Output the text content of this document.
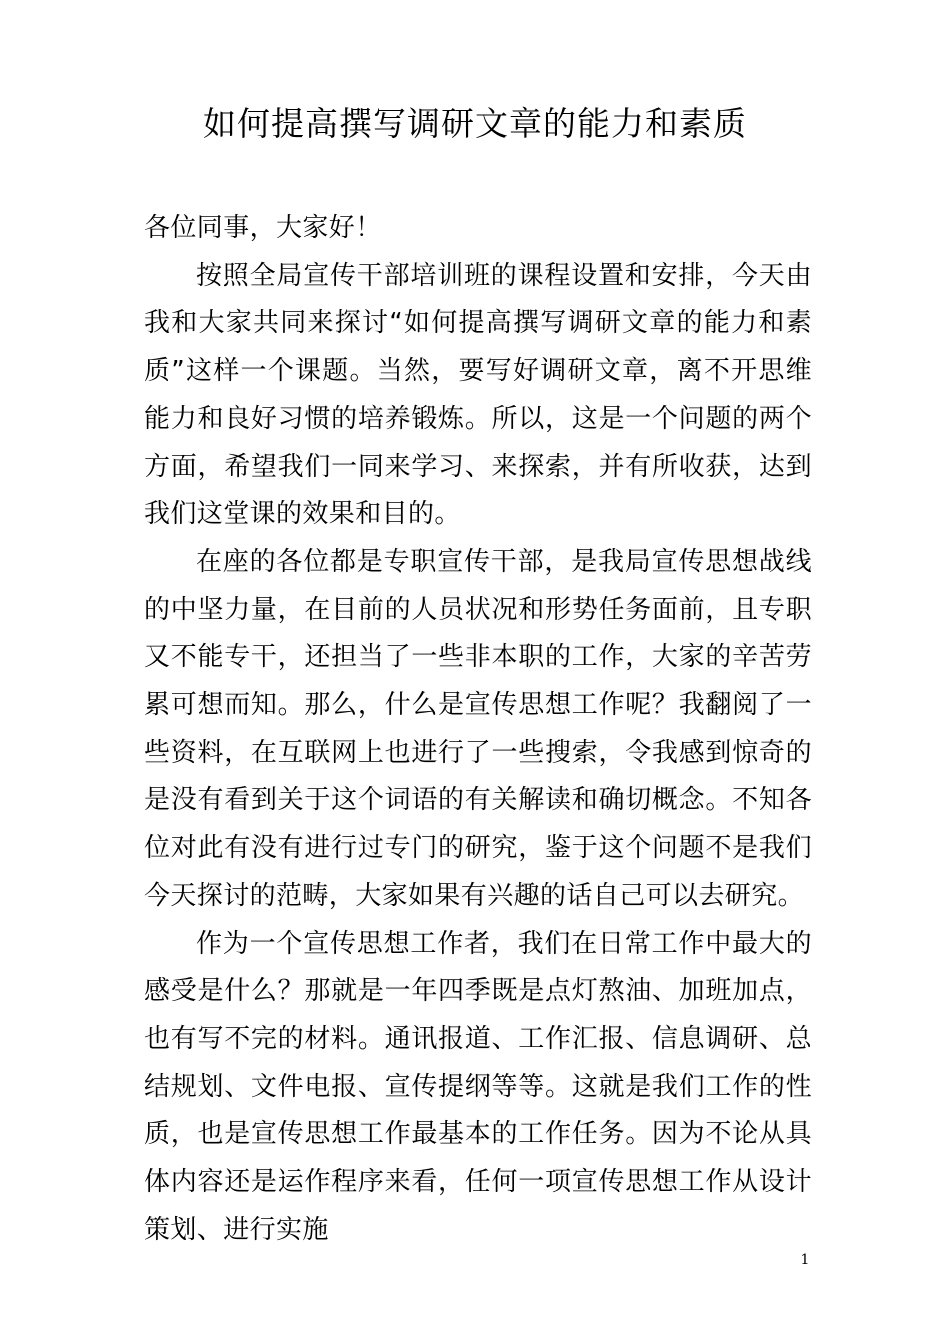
如何提高撰写调研文章的能力和素质

各位同事，大家好！

按照全局宣传干部培训班的课程设置和安排，今天由我和大家共同来探讨“如何提高撰写调研文章的能力和素质”这样一个课题。当然，要写好调研文章，离不开思维能力和良好习惯的培养锻炼。所以，这是一个问题的两个方面，希望我们一同来学习、来探索，并有所收获，达到我们这堂课的效果和目的。

在座的各位都是专职宣传干部，是我局宣传思想战线的中坚力量，在目前的人员状况和形势任务面前，且专职又不能专干，还担当了一些非本职的工作，大家的辛苦劳累可想而知。那么，什么是宣传思想工作呢？我翻阅了一些资料，在互联网上也进行了一些搜索，令我感到惊奇的是没有看到关于这个词语的有关解读和确切概念。不知各位对此有没有进行过专门的研究，鉴于这个问题不是我们今天探讨的范畴，大家如果有兴趣的话自己可以去研究。

作为一个宣传思想工作者，我们在日常工作中最大的感受是什么？那就是一年四季既是点灯熬油、加班加点，也有写不完的材料。通讯报道、工作汇报、信息调研、总结规划、文件电报、宣传提纲等等。这就是我们工作的性质，也是宣传思想工作最基本的工作任务。因为不论从具体内容还是运作程序来看，任何一项宣传思想工作从设计策划、进行实施

1
